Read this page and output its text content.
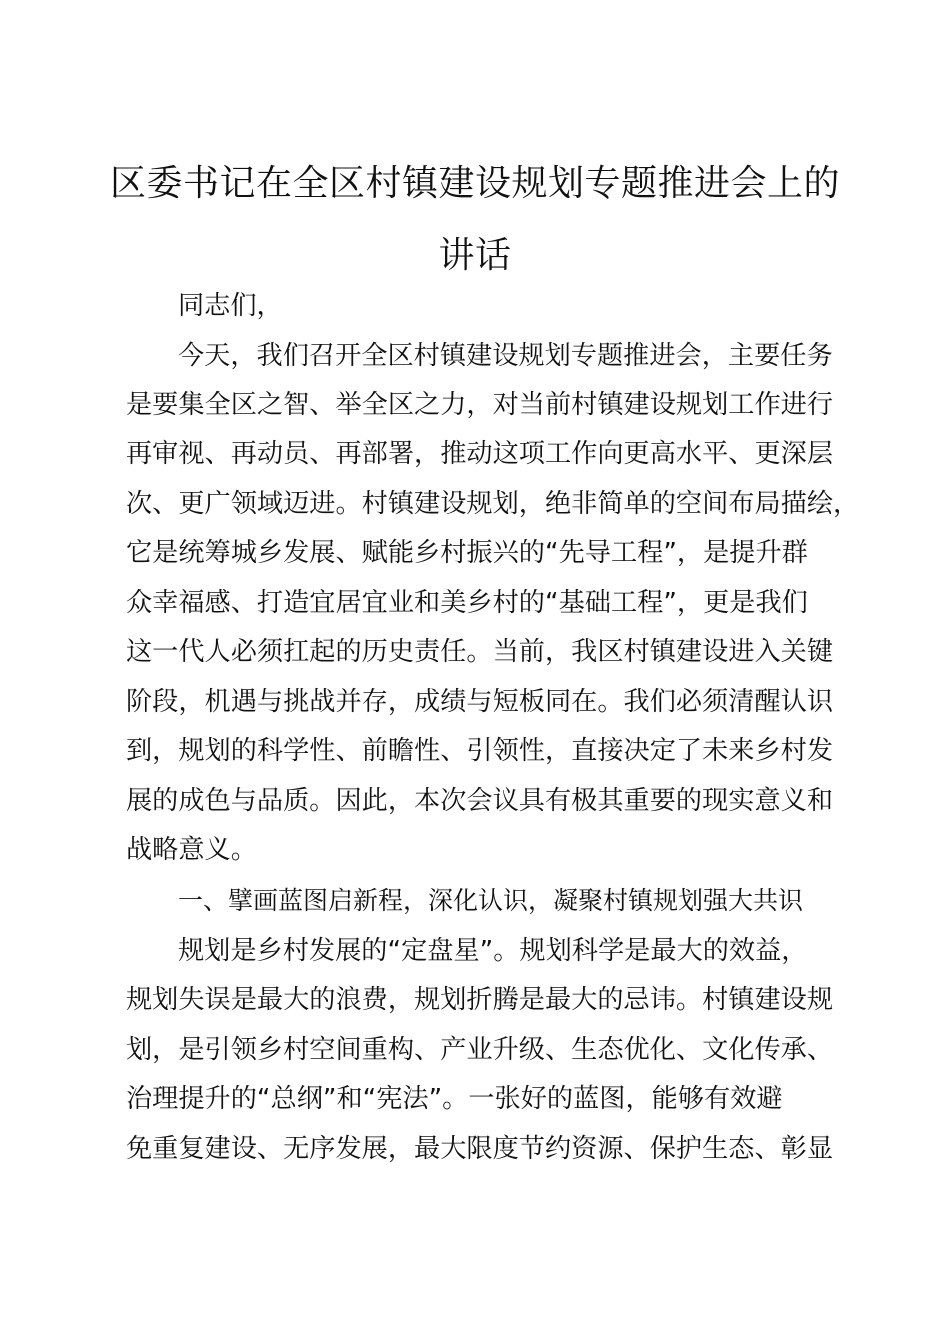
区委书记在全区村镇建设规划专题推进会上的
讲话
同志们，
今天，我们召开全区村镇建设规划专题推进会，主要任务
是要集全区之智、举全区之力，对当前村镇建设规划工作进行
再审视、再动员、再部署，推动这项工作向更高水平、更深层
次、更广领域迈进。村镇建设规划，绝非简单的空间布局描绘，
它是统筹城乡发展、赋能乡村振兴的“先导工程”，是提升群
众幸福感、打造宜居宜业和美乡村的“基础工程”，更是我们
这一代人必须扛起的历史责任。当前，我区村镇建设进入关键
阶段，机遇与挑战并存，成绩与短板同在。我们必须清醒认识
到，规划的科学性、前瞻性、引领性，直接决定了未来乡村发
展的成色与品质。因此，本次会议具有极其重要的现实意义和
战略意义。
一、擘画蓝图启新程，深化认识，凝聚村镇规划强大共识
规划是乡村发展的“定盘星”。规划科学是最大的效益，
规划失误是最大的浪费，规划折腾是最大的忌讳。村镇建设规
划，是引领乡村空间重构、产业升级、生态优化、文化传承、
治理提升的“总纲”和“宪法”。一张好的蓝图，能够有效避
免重复建设、无序发展，最大限度节约资源、保护生态、彰显
